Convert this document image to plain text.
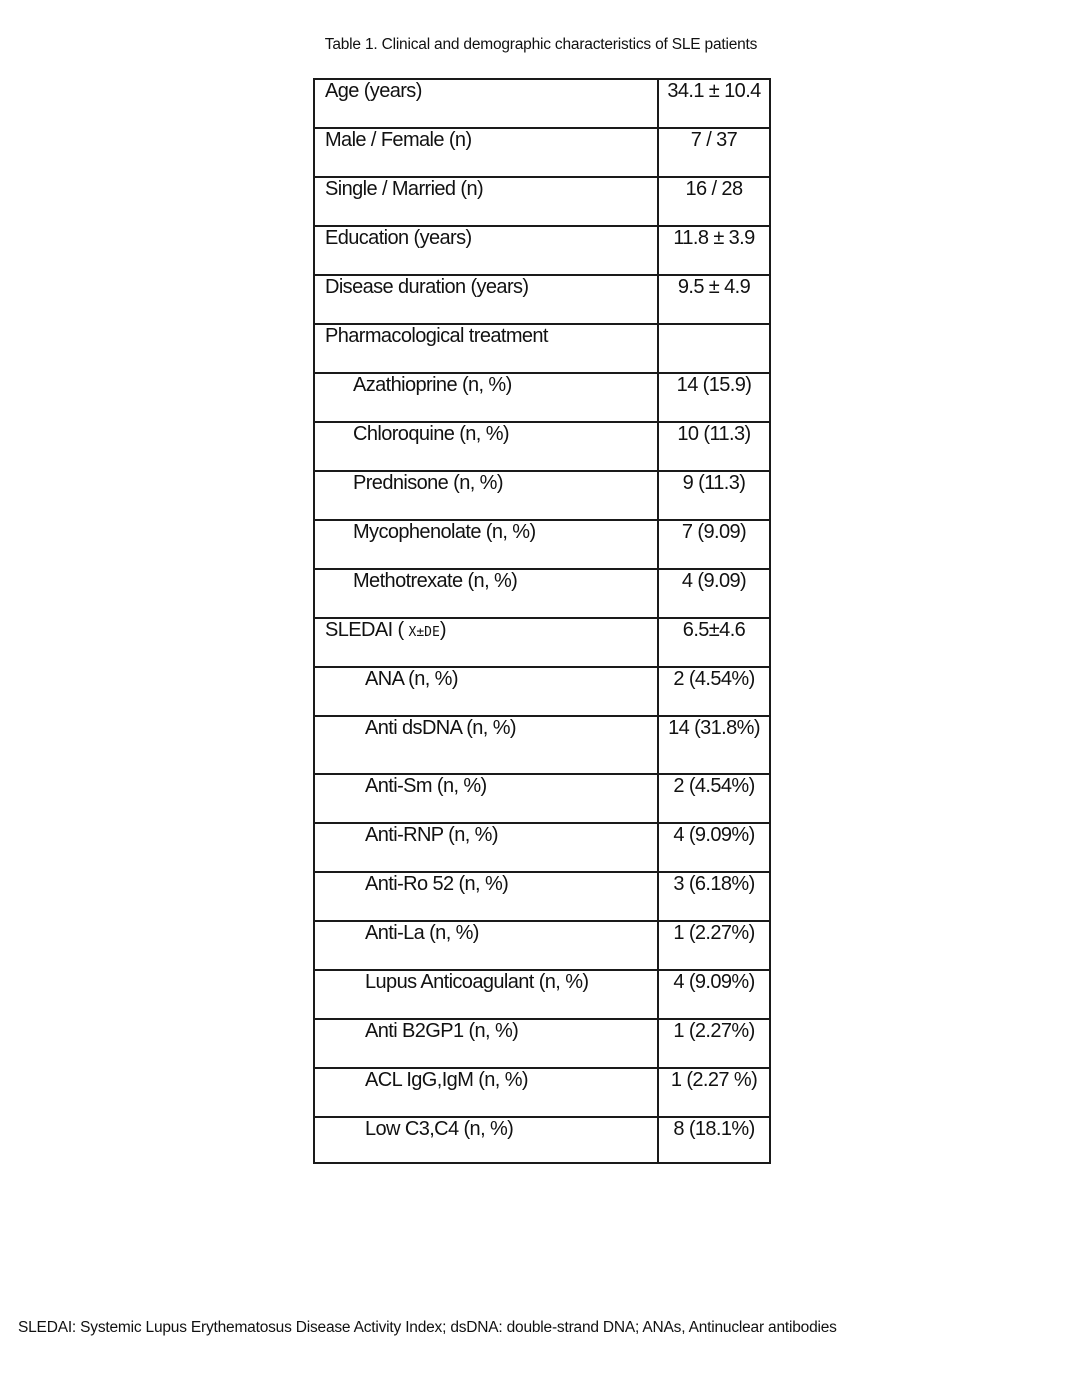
Table 1. Clinical and demographic characteristics of SLE patients
Age (years)	34.1 ± 10.4
Male / Female (n)	7 / 37
Single / Married (n)	16 / 28
Education (years)	11.8 ± 3.9
Disease duration (years)	9.5 ± 4.9
Pharmacological treatment	
Azathioprine (n, %)	14 (15.9)
Chloroquine (n, %)	10 (11.3)
Prednisone (n, %)	9 (11.3)
Mycophenolate (n, %)	7 (9.09)
Methotrexate (n, %)	4 (9.09)
SLEDAI ( X±DE)	6.5±4.6
ANA (n, %)	2 (4.54%)
Anti dsDNA (n, %)	14 (31.8%)
Anti-Sm (n, %)	2 (4.54%)
Anti-RNP (n, %)	4 (9.09%)
Anti-Ro 52 (n, %)	3 (6.18%)
Anti-La (n, %)	1 (2.27%)
Lupus Anticoagulant (n, %)	4 (9.09%)
Anti B2GP1 (n, %)	1 (2.27%)
ACL IgG,IgM (n, %)	1 (2.27 %)
Low C3,C4 (n, %)	8 (18.1%)
SLEDAI: Systemic Lupus Erythematosus Disease Activity Index; dsDNA: double-strand DNA; ANAs, Antinuclear antibodies
